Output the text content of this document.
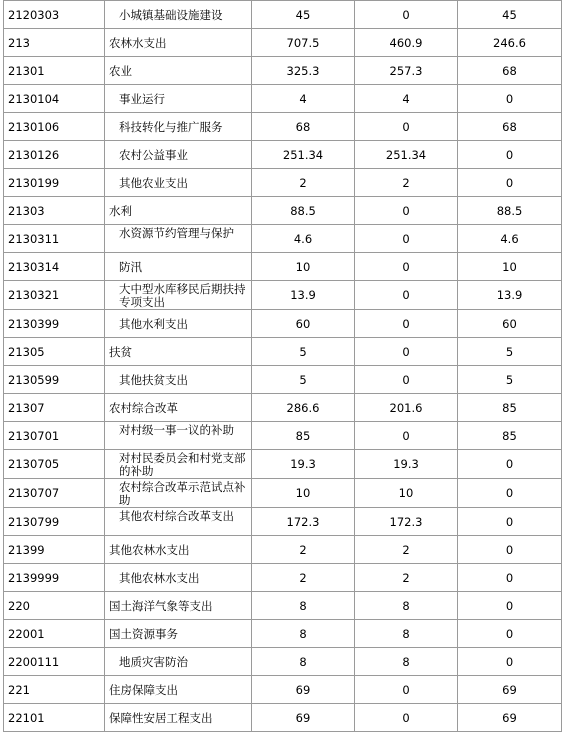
2120303	小城镇基础设施建设	45	0	45
213	农林水支出	707.5	460.9	246.6
21301	农业	325.3	257.3	68
2130104	事业运行	4	4	0
2130106	科技转化与推广服务	68	0	68
2130126	农村公益事业	251.34	251.34	0
2130199	其他农业支出	2	2	0
21303	水利	88.5	0	88.5
2130311	水资源节约管理与保护	4.6	0	4.6
2130314	防汛	10	0	10
2130321	大中型水库移民后期扶持专项支出	13.9	0	13.9
2130399	其他水利支出	60	0	60
21305	扶贫	5	0	5
2130599	其他扶贫支出	5	0	5
21307	农村综合改革	286.6	201.6	85
2130701	对村级一事一议的补助	85	0	85
2130705	对村民委员会和村党支部的补助	19.3	19.3	0
2130707	农村综合改革示范试点补助	10	10	0
2130799	其他农村综合改革支出	172.3	172.3	0
21399	其他农林水支出	2	2	0
2139999	其他农林水支出	2	2	0
220	国土海洋气象等支出	8	8	0
22001	国土资源事务	8	8	0
2200111	地质灾害防治	8	8	0
221	住房保障支出	69	0	69
22101	保障性安居工程支出	69	0	69
